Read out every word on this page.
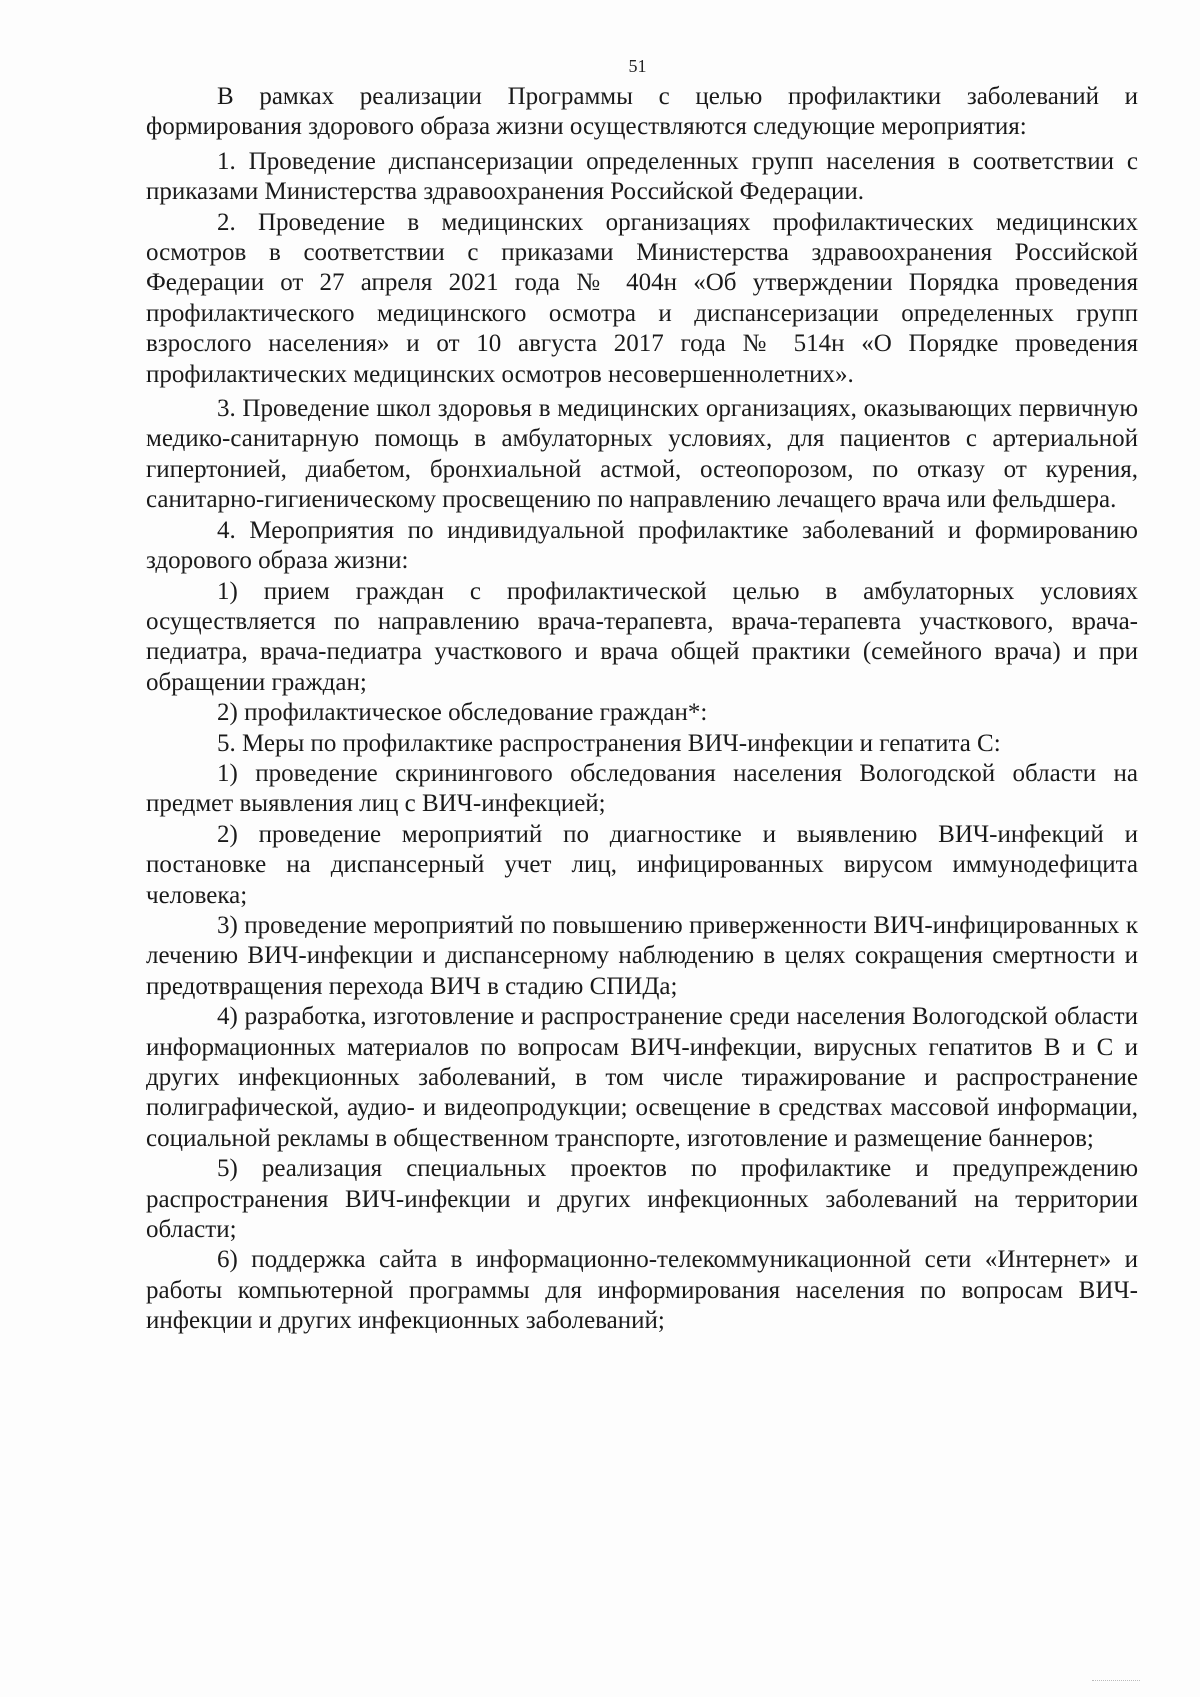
51

В рамках реализации Программы с целью профилактики заболеваний и формирования здорового образа жизни осуществляются следующие мероприятия:

1. Проведение диспансеризации определенных групп населения в соответствии с приказами Министерства здравоохранения Российской Федерации.

2. Проведение в медицинских организациях профилактических медицинских осмотров в соответствии с приказами Министерства здравоохранения Российской Федерации от 27 апреля 2021 года № 404н «Об утверждении Порядка проведения профилактического медицинского осмотра и диспансеризации определенных групп взрослого населения» и от 10 августа 2017 года № 514н «О Порядке проведения профилактических медицинских осмотров несовершеннолетних».

3. Проведение школ здоровья в медицинских организациях, оказывающих первичную медико-санитарную помощь в амбулаторных условиях, для пациентов с артериальной гипертонией, диабетом, бронхиальной астмой, остеопорозом, по отказу от курения, санитарно-гигиеническому просвещению по направлению лечащего врача или фельдшера.

4. Мероприятия по индивидуальной профилактике заболеваний и формированию здорового образа жизни:

1) прием граждан с профилактической целью в амбулаторных условиях осуществляется по направлению врача-терапевта, врача-терапевта участкового, врача-педиатра, врача-педиатра участкового и врача общей практики (семейного врача) и при обращении граждан;

2) профилактическое обследование граждан*:

5. Меры по профилактике распространения ВИЧ-инфекции и гепатита С:

1) проведение скринингового обследования населения Вологодской области на предмет выявления лиц с ВИЧ-инфекцией;

2) проведение мероприятий по диагностике и выявлению ВИЧ-инфекций и постановке на диспансерный учет лиц, инфицированных вирусом иммунодефицита человека;

3) проведение мероприятий по повышению приверженности ВИЧ-инфицированных к лечению ВИЧ-инфекции и диспансерному наблюдению в целях сокращения смертности и предотвращения перехода ВИЧ в стадию СПИДа;

4) разработка, изготовление и распространение среди населения Вологодской области информационных материалов по вопросам ВИЧ-инфекции, вирусных гепатитов В и С и других инфекционных заболеваний, в том числе тиражирование и распространение полиграфической, аудио- и видеопродукции; освещение в средствах массовой информации, социальной рекламы в общественном транспорте, изготовление и размещение баннеров;

5) реализация специальных проектов по профилактике и предупреждению распространения ВИЧ-инфекции и других инфекционных заболеваний на территории области;

6) поддержка сайта в информационно-телекоммуникационной сети «Интернет» и работы компьютерной программы для информирования населения по вопросам ВИЧ-инфекции и других инфекционных заболеваний;
